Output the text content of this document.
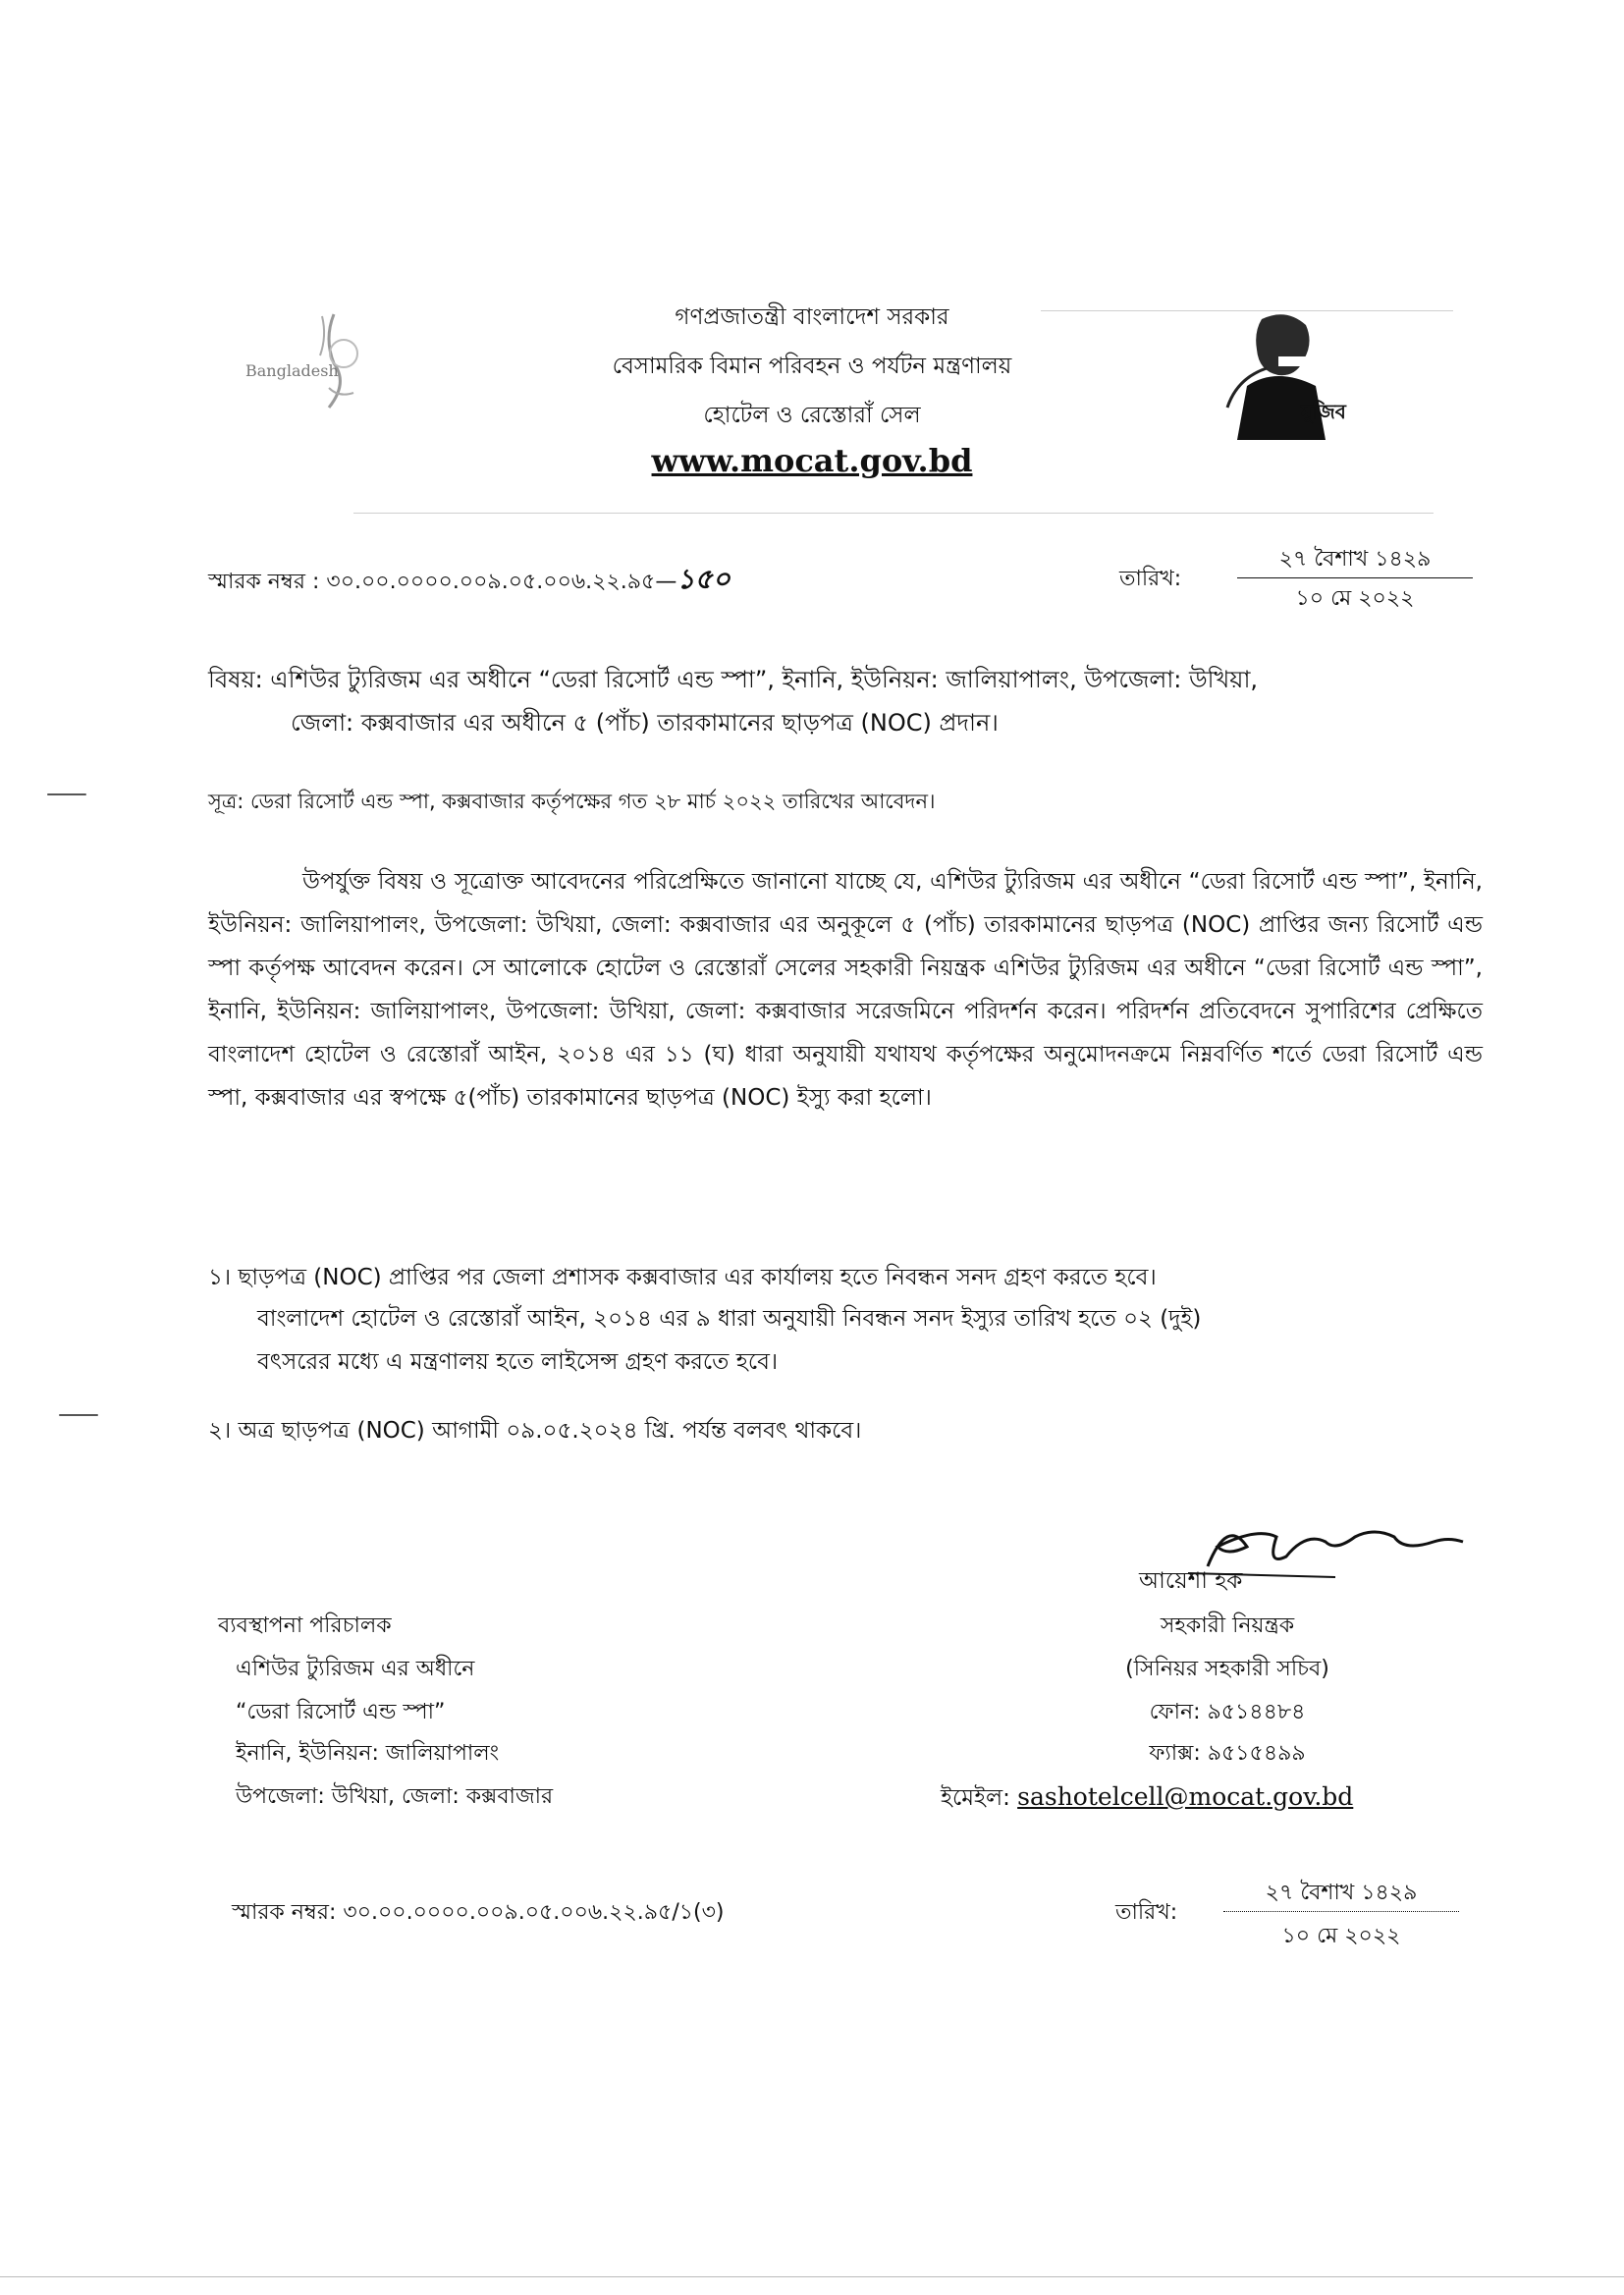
Bangladesh
মুজিব
গণপ্রজাতন্ত্রী বাংলাদেশ সরকার
বেসামরিক বিমান পরিবহন ও পর্যটন মন্ত্রণালয়
হোটেল ও রেস্তোরাঁ সেল
www.mocat.gov.bd
স্মারক নম্বর : ৩০.০০.০০০০.০০৯.০৫.০০৬.২২.৯৫—১৫০	তারিখ:
২৭ বৈশাখ ১৪২৯
১০ মে ২০২২
বিষয়: এশিউর ট্যুরিজম এর অধীনে “ডেরা রিসোর্ট এন্ড স্পা”, ইনানি, ইউনিয়ন: জালিয়াপালং, উপজেলা: উখিয়া,
জেলা: কক্সবাজার এর অধীনে ৫ (পাঁচ) তারকামানের ছাড়পত্র (NOC) প্রদান।
সূত্র: ডেরা রিসোর্ট এন্ড স্পা, কক্সবাজার কর্তৃপক্ষের গত ২৮ মার্চ ২০২২ তারিখের আবেদন।
উপর্যুক্ত বিষয় ও সূত্রোক্ত আবেদনের পরিপ্রেক্ষিতে জানানো যাচ্ছে যে, এশিউর ট্যুরিজম এর অধীনে “ডেরা রিসোর্ট এন্ড স্পা”, ইনানি, ইউনিয়ন: জালিয়াপালং, উপজেলা: উখিয়া, জেলা: কক্সবাজার এর অনুকূলে ৫ (পাঁচ) তারকামানের ছাড়পত্র (NOC) প্রাপ্তির জন্য রিসোর্ট এন্ড স্পা কর্তৃপক্ষ আবেদন করেন। সে আলোকে হোটেল ও রেস্তোরাঁ সেলের সহকারী নিয়ন্ত্রক এশিউর ট্যুরিজম এর অধীনে “ডেরা রিসোর্ট এন্ড স্পা”, ইনানি, ইউনিয়ন: জালিয়াপালং, উপজেলা: উখিয়া, জেলা: কক্সবাজার সরেজমিনে পরিদর্শন করেন। পরিদর্শন প্রতিবেদনে সুপারিশের প্রেক্ষিতে বাংলাদেশ হোটেল ও রেস্তোরাঁ আইন, ২০১৪ এর ১১ (ঘ) ধারা অনুযায়ী যথাযথ কর্তৃপক্ষের অনুমোদনক্রমে নিম্নবর্ণিত শর্তে ডেরা রিসোর্ট এন্ড স্পা, কক্সবাজার এর স্বপক্ষে ৫(পাঁচ) তারকামানের ছাড়পত্র (NOC) ইস্যু করা হলো।
১। ছাড়পত্র (NOC) প্রাপ্তির পর জেলা প্রশাসক কক্সবাজার এর কার্যালয় হতে নিবন্ধন সনদ গ্রহণ করতে হবে।
বাংলাদেশ হোটেল ও রেস্তোরাঁ আইন, ২০১৪ এর ৯ ধারা অনুযায়ী নিবন্ধন সনদ ইস্যুর তারিখ হতে ০২ (দুই)
বৎসরের মধ্যে এ মন্ত্রণালয় হতে লাইসেন্স গ্রহণ করতে হবে।
২। অত্র ছাড়পত্র (NOC) আগামী ০৯.০৫.২০২৪ খ্রি. পর্যন্ত বলবৎ থাকবে।
আয়েশা হক
সহকারী নিয়ন্ত্রক
(সিনিয়র সহকারী সচিব)
ফোন: ৯৫১৪৪৮৪
ফ্যাক্স: ৯৫১৫৪৯৯
ইমেইল: sashotelcell@mocat.gov.bd
ব্যবস্থাপনা পরিচালক
এশিউর ট্যুরিজম এর অধীনে
“ডেরা রিসোর্ট এন্ড স্পা”
ইনানি, ইউনিয়ন: জালিয়াপালং
উপজেলা: উখিয়া, জেলা: কক্সবাজার
স্মারক নম্বর: ৩০.০০.০০০০.০০৯.০৫.০০৬.২২.৯৫/১(৩)	তারিখ:
২৭ বৈশাখ ১৪২৯
১০ মে ২০২২
